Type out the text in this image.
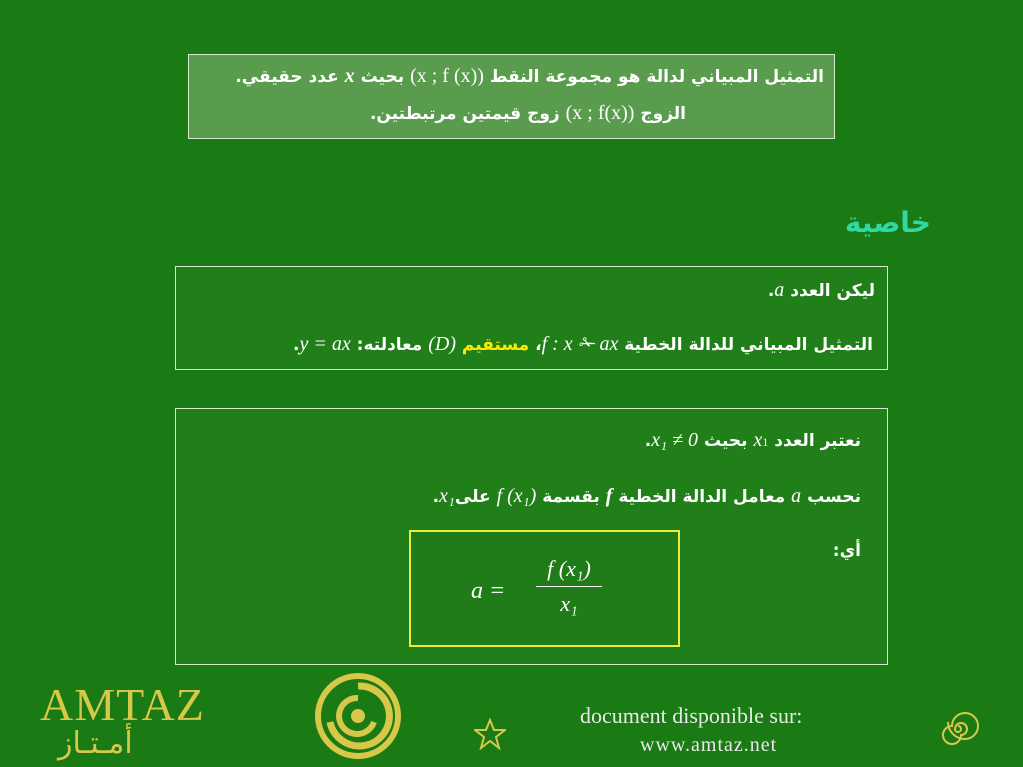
التمثيل المبياني لدالة هو مجموعة النقط (x ; f (x)) بحيث x عدد حقيقي.
الزوج (x ; f(x)) زوج قيمتين مرتبطتين.
خاصية
ليكن العدد a.
التمثيل المبياني للدالة الخطية f : x ✁ ax، مستقيم (D) معادلته: y = ax.
نعتبر العدد x1 بحيث x₁ ≠ 0.
نحسب a معامل الدالة الخطية f بقسمة f (x₁) علىx₁.
أي:
$a = \frac{\text{f (x₁)}}{\text{x₁}}$
AMTAZ
أمـتـاز
document disponible sur:
www.amtaz.net
